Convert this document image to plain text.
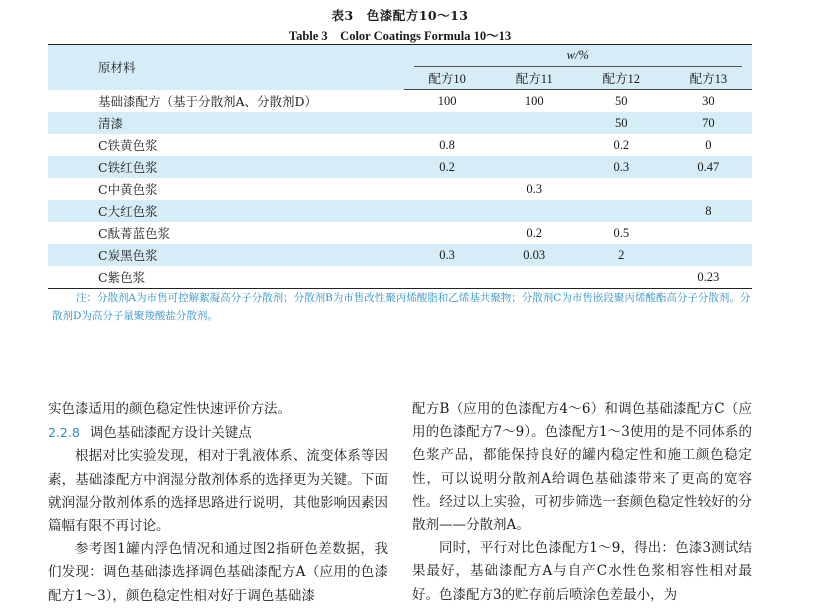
表3　色漆配方10～13
Table 3　Color Coatings Formula 10～13
原材料	w/%			

	配方10	配方11	配方12	配方13
基础漆配方（基于分散剂A、分散剂D）	100	100	50	30
清漆			50	70
C铁黄色浆	0.8		0.2	0
C铁红色浆	0.2		0.3	0.47
C中黄色浆		0.3		
C大红色浆				8
C酞菁蓝色浆		0.2	0.5	
C炭黑色浆	0.3	0.03	2	
C紫色浆				0.23
注：分散剂A为市售可控解絮凝高分子分散剂；分散剂B为市售改性聚丙烯酸脂和乙烯基共聚物；分散剂C为市售嵌段聚丙烯酸酯高分子分散剂。分散剂D为高分子量聚羧酸盐分散剂。

实色漆适用的颜色稳定性快速评价方法。

2.2.8 调色基础漆配方设计关键点

根据对比实验发现，相对于乳液体系、流变体系等因素，基础漆配方中润湿分散剂体系的选择更为关键。下面就润湿分散剂体系的选择思路进行说明，其他影响因素因篇幅有限不再讨论。

参考图1罐内浮色情况和通过图2指研色差数据，我们发现：调色基础漆选择调色基础漆配方A（应用的色漆配方1～3），颜色稳定性相对好于调色基础漆

配方B（应用的色漆配方4～6）和调色基础漆配方C（应用的色漆配方7～9）。色漆配方1～3使用的是不同体系的色浆产品，都能保持良好的罐内稳定性和施工颜色稳定性，可以说明分散剂A给调色基础漆带来了更高的宽容性。经过以上实验，可初步筛选一套颜色稳定性较好的分散剂——分散剂A。

同时，平行对比色漆配方1～9，得出：色漆3测试结果最好，基础漆配方A与自产C水性色浆相容性相对最好。色漆配方3的贮存前后喷涂色差最小，为
